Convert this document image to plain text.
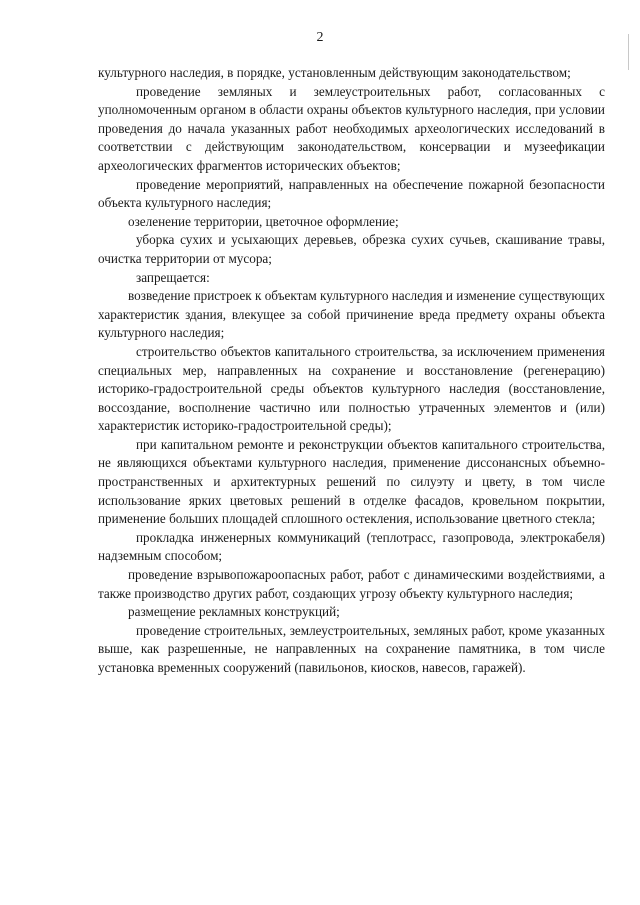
2

культурного наследия, в порядке, установленным действующим законодательством;

проведение земляных и землеустроительных работ, согласованных с уполномоченным органом в области охраны объектов культурного наследия, при условии проведения до начала указанных работ необходимых археологических исследований в соответствии с действующим законодательством, консервации и музеефикации археологических фрагментов исторических объектов;

проведение мероприятий, направленных на обеспечение пожарной безопасности объекта культурного наследия;

озеленение территории, цветочное оформление;

уборка сухих и усыхающих деревьев, обрезка сухих сучьев, скашивание травы, очистка территории от мусора;

запрещается:

возведение пристроек к объектам культурного наследия и изменение существующих характеристик здания, влекущее за собой причинение вреда предмету охраны объекта культурного наследия;

строительство объектов капитального строительства, за исключением применения специальных мер, направленных на сохранение и восстановление (регенерацию) историко-градостроительной среды объектов культурного наследия (восстановление, воссоздание, восполнение частично или полностью утраченных элементов и (или) характеристик историко-градостроительной среды);

при капитальном ремонте и реконструкции объектов капитального строительства, не являющихся объектами культурного наследия, применение диссонансных объемно-пространственных и архитектурных решений по силуэту и цвету, в том числе использование ярких цветовых решений в отделке фасадов, кровельном покрытии, применение больших площадей сплошного остекления, использование цветного стекла;

прокладка инженерных коммуникаций (теплотрасс, газопровода, электрокабеля) надземным способом;

проведение взрывопожароопасных работ, работ с динамическими воздействиями, а также производство других работ, создающих угрозу объекту культурного наследия;

размещение рекламных конструкций;

проведение строительных, землеустроительных, земляных работ, кроме указанных выше, как разрешенные, не направленных на сохранение памятника, в том числе установка временных сооружений (павильонов, киосков, навесов, гаражей).
